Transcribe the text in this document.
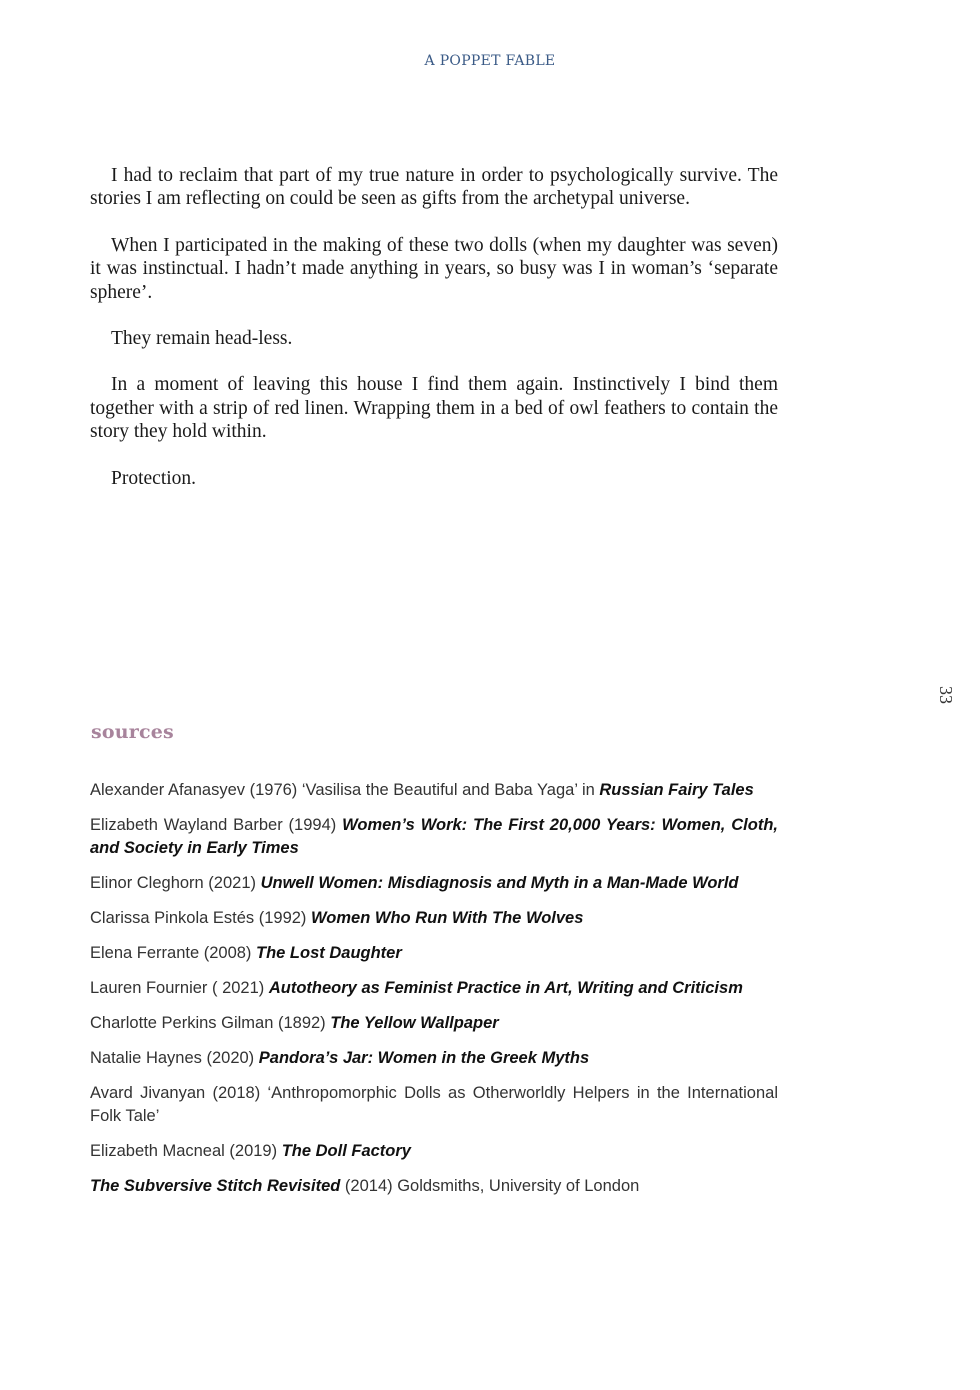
A POPPET FABLE

I had to reclaim that part of my true nature in order to psychologically survive. The stories I am reflecting on could be seen as gifts from the archetypal universe.

When I participated in the making of these two dolls (when my daughter was seven) it was instinctual. I hadn’t made anything in years, so busy was I in woman’s ‘separate sphere’.

They remain head-less.

In a moment of leaving this house I find them again. Instinctively I bind them together with a strip of red linen. Wrapping them in a bed of owl feathers to contain the story they hold within.

Protection.

33
sources
Alexander Afanasyev (1976) ‘Vasilisa the Beautiful and Baba Yaga’ in Russian Fairy Tales
Elizabeth Wayland Barber (1994) Women’s Work: The First 20,000 Years: Women, Cloth, and Society in Early Times
Elinor Cleghorn (2021) Unwell Women: Misdiagnosis and Myth in a Man-Made World
Clarissa Pinkola Estés (1992) Women Who Run With The Wolves
Elena Ferrante (2008) The Lost Daughter
Lauren Fournier ( 2021) Autotheory as Feminist Practice in Art, Writing and Criticism
Charlotte Perkins Gilman (1892) The Yellow Wallpaper
Natalie Haynes (2020) Pandora’s Jar: Women in the Greek Myths
Avard Jivanyan (2018) ‘Anthropomorphic Dolls as Otherworldly Helpers in the International Folk Tale’
Elizabeth Macneal (2019) The Doll Factory
The Subversive Stitch Revisited (2014) Goldsmiths, University of London
